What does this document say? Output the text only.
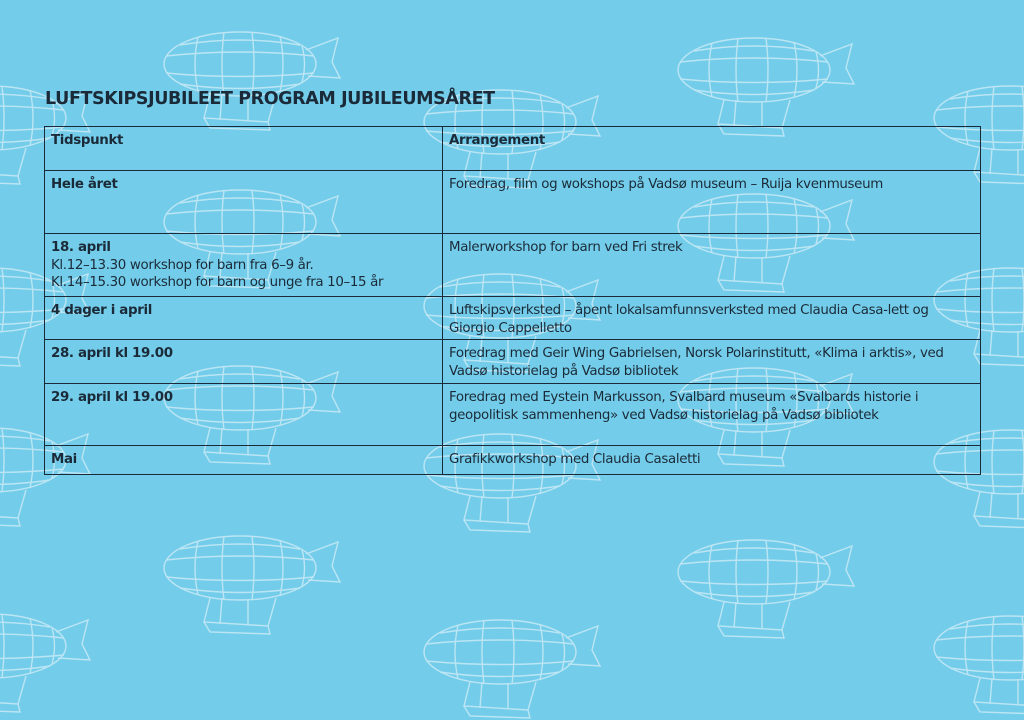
LUFTSKIPSJUBILEET PROGRAM JUBILEUMSÅRET
Tidspunkt	Arrangement

Hele året	Foredrag, film og wokshops på Vadsø museum – Ruija kvenmuseum

18. april
Kl.12–13.30 workshop for barn fra 6–9 år.
Kl.14–15.30 workshop for barn og unge fra 10–15 år	Malerworkshop for barn ved Fri strek

4 dager i april	Luftskipsverksted – åpent lokalsamfunnsverksted med Claudia Casa-lett og Giorgio Cappelletto

28. april kl 19.00	Foredrag med Geir Wing Gabrielsen, Norsk Polarinstitutt, «Klima i arktis», ved Vadsø historielag på Vadsø bibliotek

29. april kl 19.00	Foredrag med Eystein Markusson, Svalbard museum «Svalbards historie i geopolitisk sammenheng» ved Vadsø historielag på Vadsø bibliotek

Mai	Grafikkworkshop med Claudia Casaletti
